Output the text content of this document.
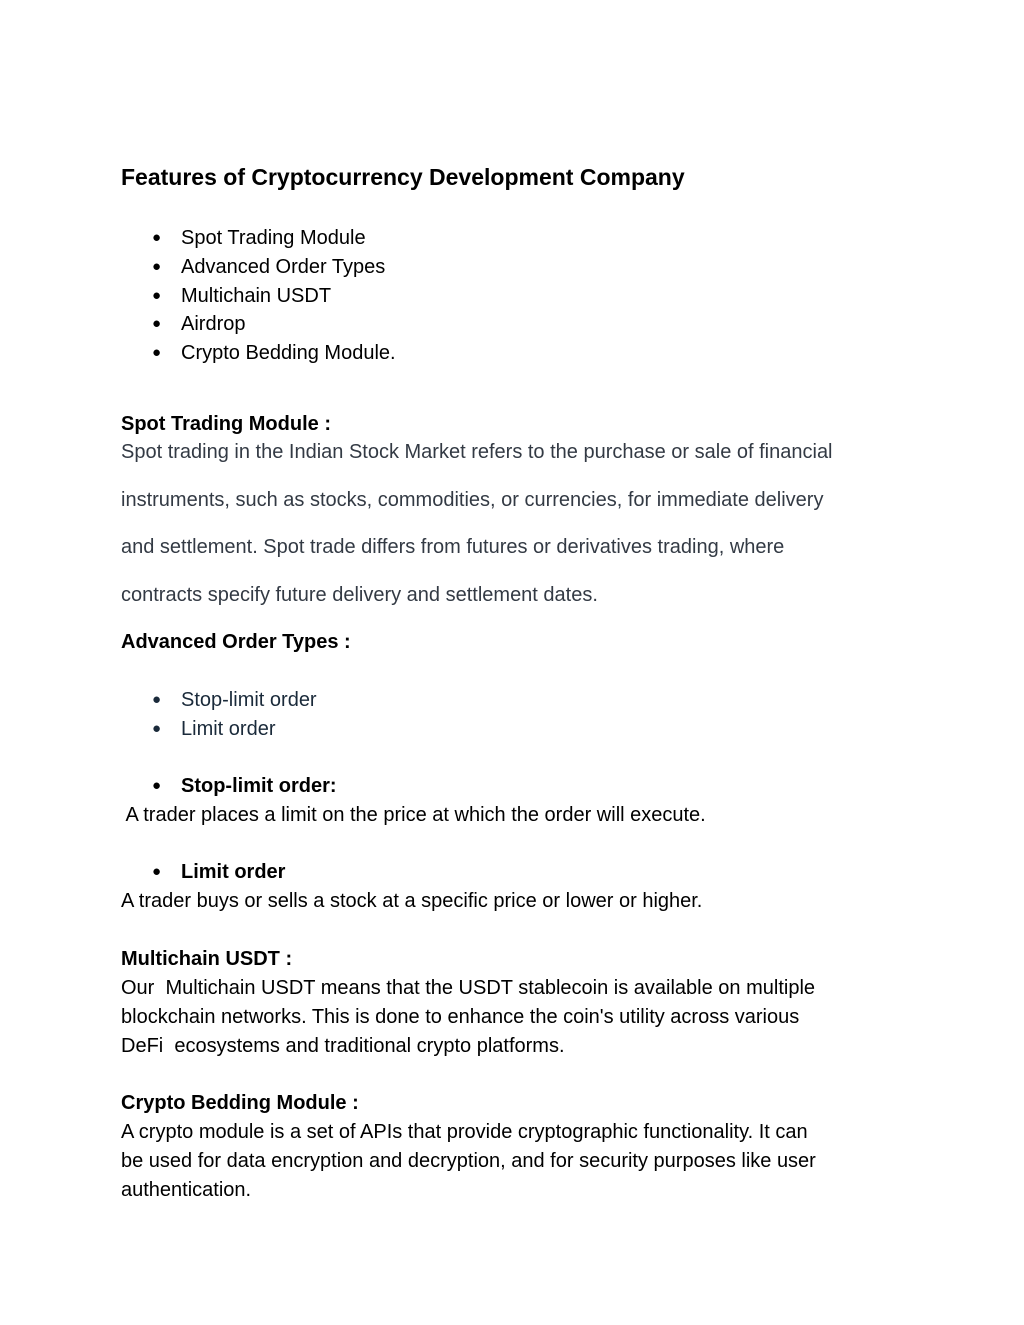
Features of Cryptocurrency Development Company
● Spot Trading Module
● Advanced Order Types
● Multichain USDT
● Airdrop
● Crypto Bedding Module.
Spot Trading Module :
Spot trading in the Indian Stock Market refers to the purchase or sale of financial
instruments, such as stocks, commodities, or currencies, for immediate delivery
and settlement. Spot trade differs from futures or derivatives trading, where
contracts specify future delivery and settlement dates.
Advanced Order Types :
● Stop-limit order
● Limit order
● Stop-limit order:
A trader places a limit on the price at which the order will execute.
● Limit order
A trader buys or sells a stock at a specific price or lower or higher.
Multichain USDT :
Our  Multichain USDT means that the USDT stablecoin is available on multiple
blockchain networks. This is done to enhance the coin's utility across various
DeFi  ecosystems and traditional crypto platforms.
Crypto Bedding Module :
A crypto module is a set of APIs that provide cryptographic functionality. It can
be used for data encryption and decryption, and for security purposes like user
authentication.
